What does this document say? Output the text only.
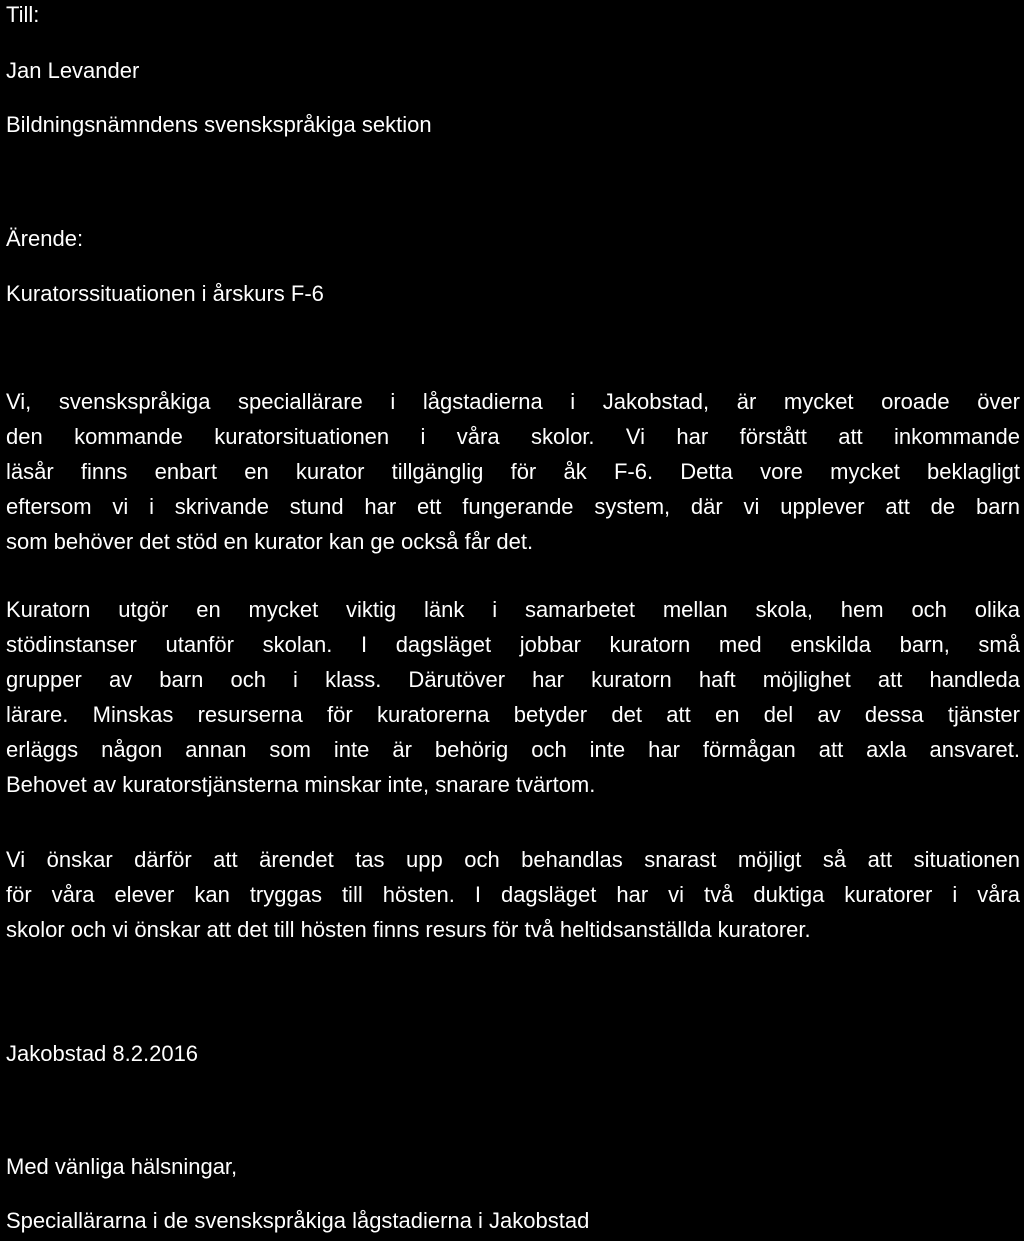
Till:

Jan Levander

Bildningsnämndens svenskspråkiga sektion

Ärende:

Kuratorssituationen i årskurs F-6

Vi, svenskspråkiga speciallärare i lågstadierna i Jakobstad, är mycket oroade över
den kommande kuratorsituationen i våra skolor. Vi har förstått att inkommande
läsår finns enbart en kurator tillgänglig för åk F-6. Detta vore mycket beklagligt
eftersom vi i skrivande stund har ett fungerande system, där vi upplever att de barn
som behöver det stöd en kurator kan ge också får det.
Kuratorn utgör en mycket viktig länk i samarbetet mellan skola, hem och olika
stödinstanser utanför skolan. I dagsläget jobbar kuratorn med enskilda barn, små
grupper av barn och i klass. Därutöver har kuratorn haft möjlighet att handleda
lärare. Minskas resurserna för kuratorerna betyder det att en del av dessa tjänster
erläggs någon annan som inte är behörig och inte har förmågan att axla ansvaret.
Behovet av kuratorstjänsterna minskar inte, snarare tvärtom.
Vi önskar därför att ärendet tas upp och behandlas snarast möjligt så att situationen
för våra elever kan tryggas till hösten. I dagsläget har vi två duktiga kuratorer i våra
skolor och vi önskar att det till hösten finns resurs för två heltidsanställda kuratorer.

Jakobstad 8.2.2016

Med vänliga hälsningar,

Speciallärarna i de svenskspråkiga lågstadierna i Jakobstad
